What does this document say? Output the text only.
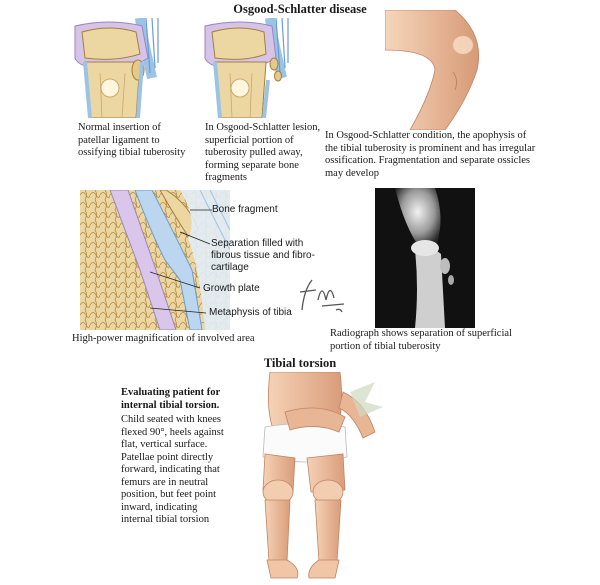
Osgood-Schlatter disease
Normal insertion of patellar ligament to ossifying tibial tuberosity
In Osgood-Schlatter lesion, superficial portion of tuberosity pulled away, forming separate bone fragments
In Osgood-Schlatter condition, the apophysis of the tibial tuberosity is prominent and has irregular ossification. Fragmentation and separate ossicles may develop
Bone fragment
Separation filled with fibrous tissue and fibro-cartilage
Growth plate
Metaphysis of tibia
High-power magnification of involved area	Radiograph shows separation of superficial portion of tibial tuberosity
Tibial torsion
Evaluating patient for internal tibial torsion.
Child seated with knees flexed 90°, heels against flat, vertical surface. Patellae point directly forward, indicating that femurs are in neutral position, but feet point inward, indicating internal tibial torsion
